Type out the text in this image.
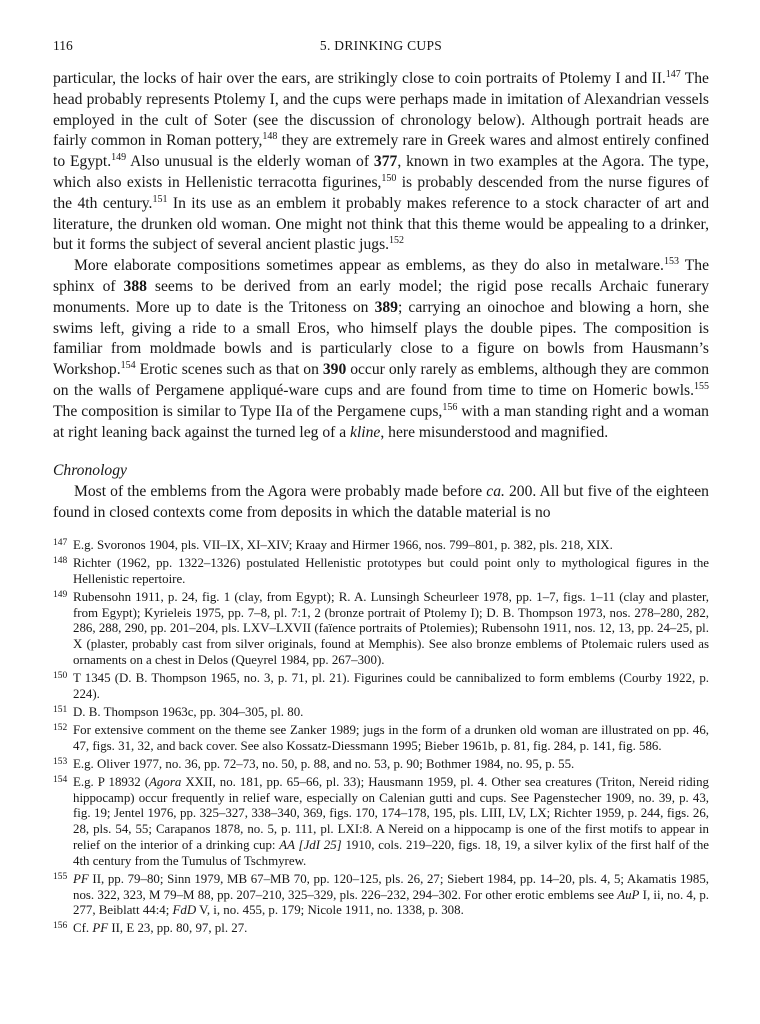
116	5. DRINKING CUPS

particular, the locks of hair over the ears, are strikingly close to coin portraits of Ptolemy I and II.$^{147}$ The head probably represents Ptolemy I, and the cups were perhaps made in imitation of Alexandrian vessels employed in the cult of Soter (see the discussion of chronology below). Although portrait heads are fairly common in Roman pottery,$^{148}$ they are extremely rare in Greek wares and almost entirely confined to Egypt.$^{149}$ Also unusual is the elderly woman of 377, known in two examples at the Agora. The type, which also exists in Hellenistic terracotta figurines,$^{150}$ is probably descended from the nurse figures of the 4th century.$^{151}$ In its use as an emblem it probably makes reference to a stock character of art and literature, the drunken old woman. One might not think that this theme would be appealing to a drinker, but it forms the subject of several ancient plastic jugs.$^{152}$

More elaborate compositions sometimes appear as emblems, as they do also in metalware.$^{153}$ The sphinx of 388 seems to be derived from an early model; the rigid pose recalls Archaic funerary monuments. More up to date is the Tritoness on 389; carrying an oinochoe and blowing a horn, she swims left, giving a ride to a small Eros, who himself plays the double pipes. The composition is familiar from moldmade bowls and is particularly close to a figure on bowls from Hausmann’s Workshop.$^{154}$ Erotic scenes such as that on 390 occur only rarely as emblems, although they are common on the walls of Pergamene appliqué-ware cups and are found from time to time on Homeric bowls.$^{155}$ The composition is similar to Type IIa of the Pergamene cups,$^{156}$ with a man standing right and a woman at right leaning back against the turned leg of a kline, here misunderstood and magnified.

Chronology

Most of the emblems from the Agora were probably made before ca. 200. All but five of the eighteen found in closed contexts come from deposits in which the datable material is no

147 E.g. Svoronos 1904, pls. VII–IX, XI–XIV; Kraay and Hirmer 1966, nos. 799–801, p. 382, pls. 218, XIX.
148 Richter (1962, pp. 1322–1326) postulated Hellenistic prototypes but could point only to mythological figures in the Hellenistic repertoire.
149 Rubensohn 1911, p. 24, fig. 1 (clay, from Egypt); R. A. Lunsingh Scheurleer 1978, pp. 1–7, figs. 1–11 (clay and plaster, from Egypt); Kyrieleis 1975, pp. 7–8, pl. 7:1, 2 (bronze portrait of Ptolemy I); D. B. Thompson 1973, nos. 278–280, 282, 286, 288, 290, pp. 201–204, pls. LXV–LXVII (faïence portraits of Ptolemies); Rubensohn 1911, nos. 12, 13, pp. 24–25, pl. X (plaster, probably cast from silver originals, found at Memphis). See also bronze emblems of Ptolemaic rulers used as ornaments on a chest in Delos (Queyrel 1984, pp. 267–300).
150 T 1345 (D. B. Thompson 1965, no. 3, p. 71, pl. 21). Figurines could be cannibalized to form emblems (Courby 1922, p. 224).
151 D. B. Thompson 1963c, pp. 304–305, pl. 80.
152 For extensive comment on the theme see Zanker 1989; jugs in the form of a drunken old woman are illustrated on pp. 46, 47, figs. 31, 32, and back cover. See also Kossatz-Diessmann 1995; Bieber 1961b, p. 81, fig. 284, p. 141, fig. 586.
153 E.g. Oliver 1977, no. 36, pp. 72–73, no. 50, p. 88, and no. 53, p. 90; Bothmer 1984, no. 95, p. 55.
154 E.g. P 18932 (Agora XXII, no. 181, pp. 65–66, pl. 33); Hausmann 1959, pl. 4. Other sea creatures (Triton, Nereid riding hippocamp) occur frequently in relief ware, especially on Calenian gutti and cups. See Pagenstecher 1909, no. 39, p. 43, fig. 19; Jentel 1976, pp. 325–327, 338–340, 369, figs. 170, 174–178, 195, pls. LIII, LV, LX; Richter 1959, p. 244, figs. 26, 28, pls. 54, 55; Carapanos 1878, no. 5, p. 111, pl. LXI:8. A Nereid on a hippocamp is one of the first motifs to appear in relief on the interior of a drinking cup: AA [JdI 25] 1910, cols. 219–220, figs. 18, 19, a silver kylix of the first half of the 4th century from the Tumulus of Tschmyrew.
155 PF II, pp. 79–80; Sinn 1979, MB 67–MB 70, pp. 120–125, pls. 26, 27; Siebert 1984, pp. 14–20, pls. 4, 5; Akamatis 1985, nos. 322, 323, M 79–M 88, pp. 207–210, 325–329, pls. 226–232, 294–302. For other erotic emblems see AuP I, ii, no. 4, p. 277, Beiblatt 44:4; FdD V, i, no. 455, p. 179; Nicole 1911, no. 1338, p. 308.
156 Cf. PF II, E 23, pp. 80, 97, pl. 27.
